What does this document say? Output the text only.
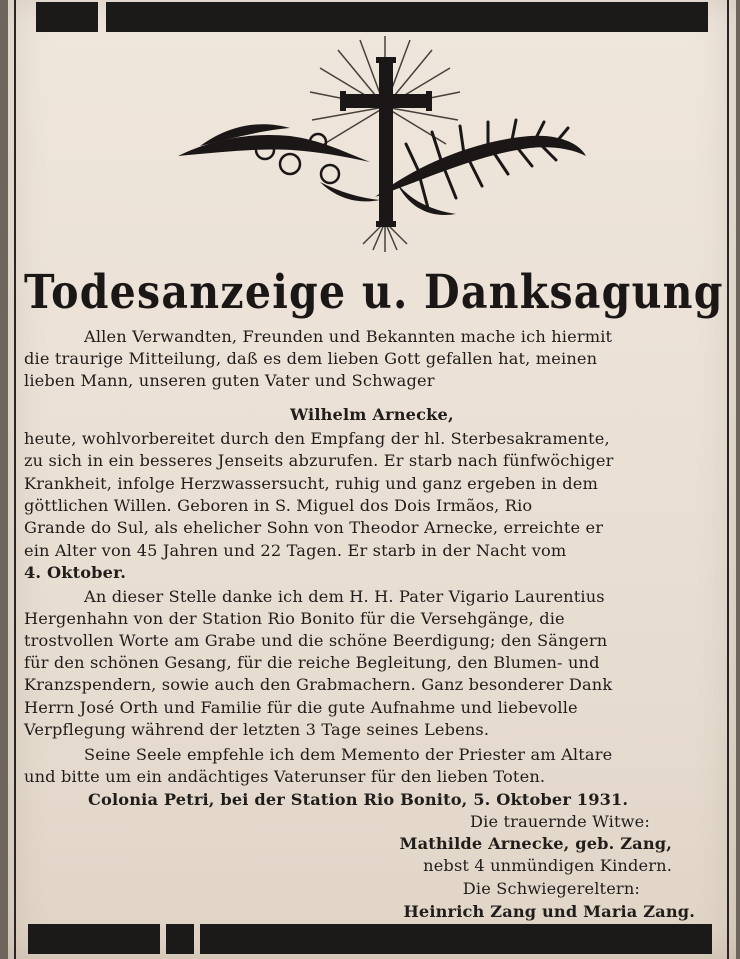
Todesanzeige u. Danksagung
Allen Verwandten, Freunden und Bekannten mache ich hiermit
die traurige Mitteilung, daß es dem lieben Gott gefallen hat, meinen
lieben Mann, unseren guten Vater und Schwager
Wilhelm Arnecke,
heute, wohlvorbereitet durch den Empfang der hl. Sterbesakramente,
zu sich in ein besseres Jenseits abzurufen. Er starb nach fünfwöchiger
Krankheit, infolge Herzwassersucht, ruhig und ganz ergeben in dem
göttlichen Willen. Geboren in S. Miguel dos Dois Irmãos, Rio
Grande do Sul, als ehelicher Sohn von Theodor Arnecke, erreichte er
ein Alter von 45 Jahren und 22 Tagen. Er starb in der Nacht vom
4. Oktober.
An dieser Stelle danke ich dem H. H. Pater Vigario Laurentius
Hergenhahn von der Station Rio Bonito für die Versehgänge, die
trostvollen Worte am Grabe und die schöne Beerdigung; den Sängern
für den schönen Gesang, für die reiche Begleitung, den Blumen- und
Kranzspendern, sowie auch den Grabmachern. Ganz besonderer Dank
Herrn José Orth und Familie für die gute Aufnahme und liebevolle
Verpflegung während der letzten 3 Tage seines Lebens.
Seine Seele empfehle ich dem Memento der Priester am Altare
und bitte um ein andächtiges Vaterunser für den lieben Toten.
Colonia Petri, bei der Station Rio Bonito, 5. Oktober 1931.
Die trauernde Witwe:
Mathilde Arnecke, geb. Zang,
nebst 4 unmündigen Kindern.
Die Schwiegereltern:
Heinrich Zang und Maria Zang.
